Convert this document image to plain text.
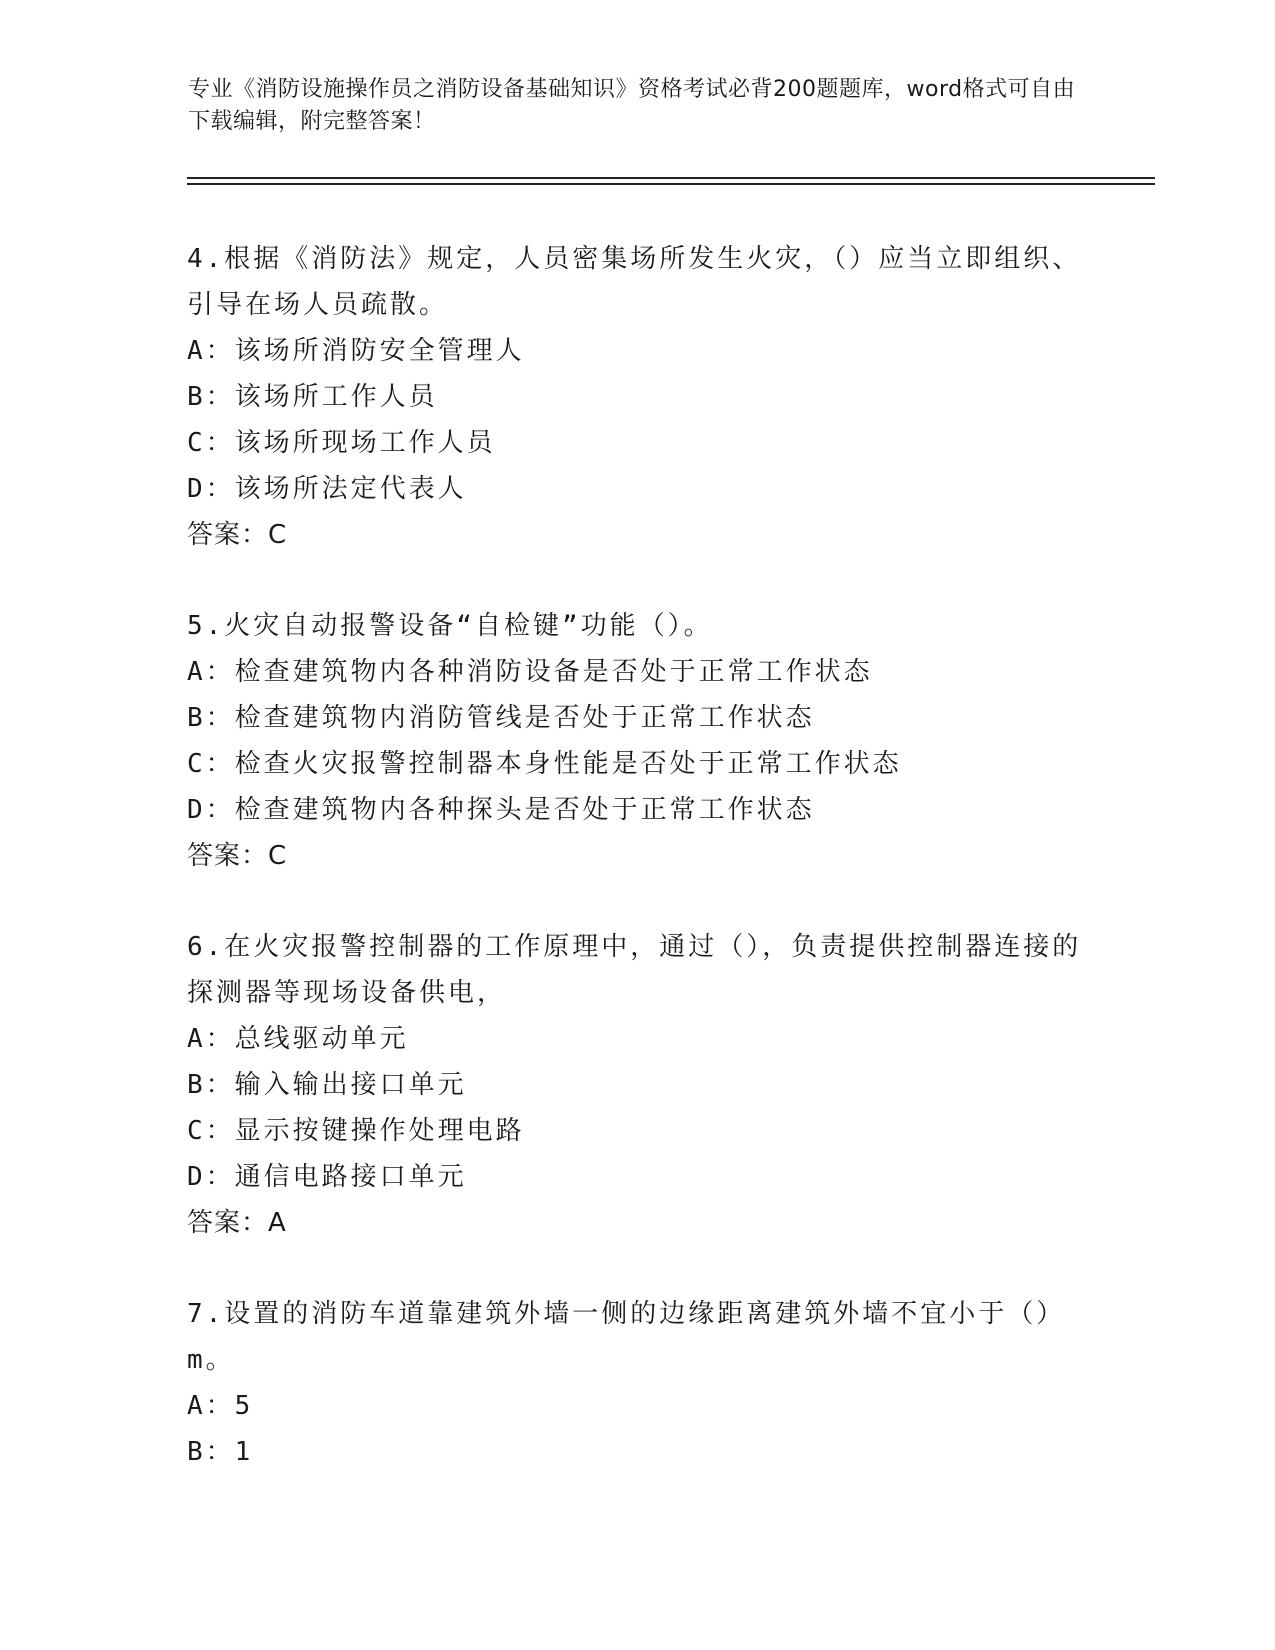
专业《消防设施操作员之消防设备基础知识》资格考试必背200题题库，word格式可自由下载编辑，附完整答案！
4.根据《消防法》规定，人员密集场所发生火灾，（）应当立即组织、引导在场人员疏散。
A：该场所消防安全管理人
B：该场所工作人员
C：该场所现场工作人员
D：该场所法定代表人
答案：C
5.火灾自动报警设备“自检键”功能（）。
A：检查建筑物内各种消防设备是否处于正常工作状态
B：检查建筑物内消防管线是否处于正常工作状态
C：检查火灾报警控制器本身性能是否处于正常工作状态
D：检查建筑物内各种探头是否处于正常工作状态
答案：C
6.在火灾报警控制器的工作原理中，通过（），负责提供控制器连接的探测器等现场设备供电，
A：总线驱动单元
B：输入输出接口单元
C：显示按键操作处理电路
D：通信电路接口单元
答案：A
7.设置的消防车道靠建筑外墙一侧的边缘距离建筑外墙不宜小于（）m。
A：5
B：1
